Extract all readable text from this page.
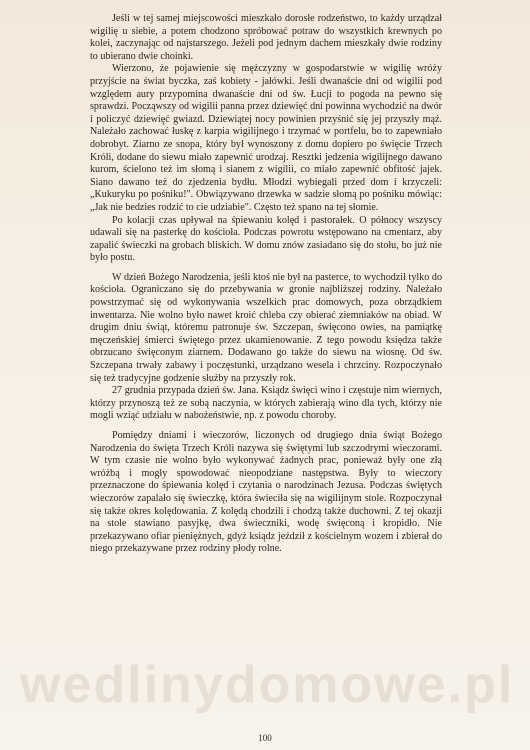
Jeśli w tej samej miejscowości mieszkało dorosłe rodzeństwo, to każdy urządzał wigilię u siebie, a potem chodzono spróbować potraw do wszystkich krewnych po kolei, zaczynając od najstarszego. Jeżeli pod jednym dachem mieszkały dwie rodziny to ubierano dwie choinki.

Wierzono, że pojawienie się mężczyzny w gospodarstwie w wigilię wróży przyjście na świat byczka, zaś kobiety - jałówki. Jeśli dwanaście dni od wigilii pod względem aury przypomina dwanaście dni od św. Łucji to pogoda na pewno się sprawdzi. Począwszy od wigilii panna przez dziewięć dni powinna wychodzić na dwór i policzyć dziewięć gwiazd. Dziewiątej nocy powinien przyśnić się jej przyszły mąż. Należało zachować łuskę z karpia wigilijnego i trzymać w portfelu, bo to zapewniało dobrobyt. Ziarno ze snopa, który był wynoszony z domu dopiero po święcie Trzech Króli, dodane do siewu miało zapewnić urodzaj. Resztki jedzenia wigilijnego dawano kurom, ścielono też im słomą i sianem z wigilii, co miało zapewnić obfitość jajek. Siano dawano też do zjedzenia bydłu. Młodzi wybiegali przed dom i krzyczeli: „Kukuryku po pośniku!". Obwiązywano drzewka w sadzie słomą po pośniku mówiąc: „Jak nie bedzies rodzić to cie udziabie". Często też spano na tej słomie.

Po kolacji czas upływał na śpiewaniu kolęd i pastorałek. O północy wszyscy udawali się na pasterkę do kościoła. Podczas powrotu wstępowano na cmentarz, aby zapalić świeczki na grobach bliskich. W domu znów zasiadano się do stołu, bo już nie było postu.

W dzień Bożego Narodzenia, jeśli ktoś nie był na pasterce, to wychodził tylko do kościoła. Ograniczano się do przebywania w gronie najbliższej rodziny. Należało powstrzymać się od wykonywania wszelkich prac domowych, poza obrządkiem inwentarza. Nie wolno było nawet kroić chleba czy obierać ziemniaków na obiad. W drugim dniu świąt, któremu patronuje św. Szczepan, święcono owies, na pamiątkę męczeńskiej śmierci świętego przez ukamienowanie. Z tego powodu księdza także obrzucano święconym ziarnem. Dodawano go także do siewu na wiosnę. Od św. Szczepana trwały zabawy i poczęstunki, urządzano wesela i chrzciny. Rozpoczynało się też tradycyjne godzenie służby na przyszły rok.

27 grudnia przypada dzień św. Jana. Ksiądz święci wino i częstuje nim wiernych, którzy przynoszą też ze sobą naczynia, w których zabierają wino dla tych, którzy nie mogli wziąć udziału w nabożeństwie, np. z powodu choroby.

Pomiędzy dniami i wieczorów, liczonych od drugiego dnia świąt Bożego Narodzenia do święta Trzech Króli nazywa się świętymi lub szczodrymi wieczorami. W tym czasie nie wolno było wykonywać żadnych prac, ponieważ były one złą wróżbą i mogły spowodować nieopodziane następstwa. Były to wieczory przeznaczone do śpiewania kolęd i czytania o narodzinach Jezusa. Podczas świętych wieczorów zapalało się świeczkę, która świeciła się na wigilijnym stole. Rozpoczynał się także okres kolędowania. Z kolędą chodzili i chodzą także duchowni. Z tej okazji na stole stawiano pasyjkę, dwa świeczniki, wodę święconą i kropidło. Nie przekazywano ofiar pieniężnych, gdyż ksiądz jeździł z kościelnym wozem i zbierał do niego przekazywane przez rodziny płody rolne.

wedlinydomowe.pl
100
